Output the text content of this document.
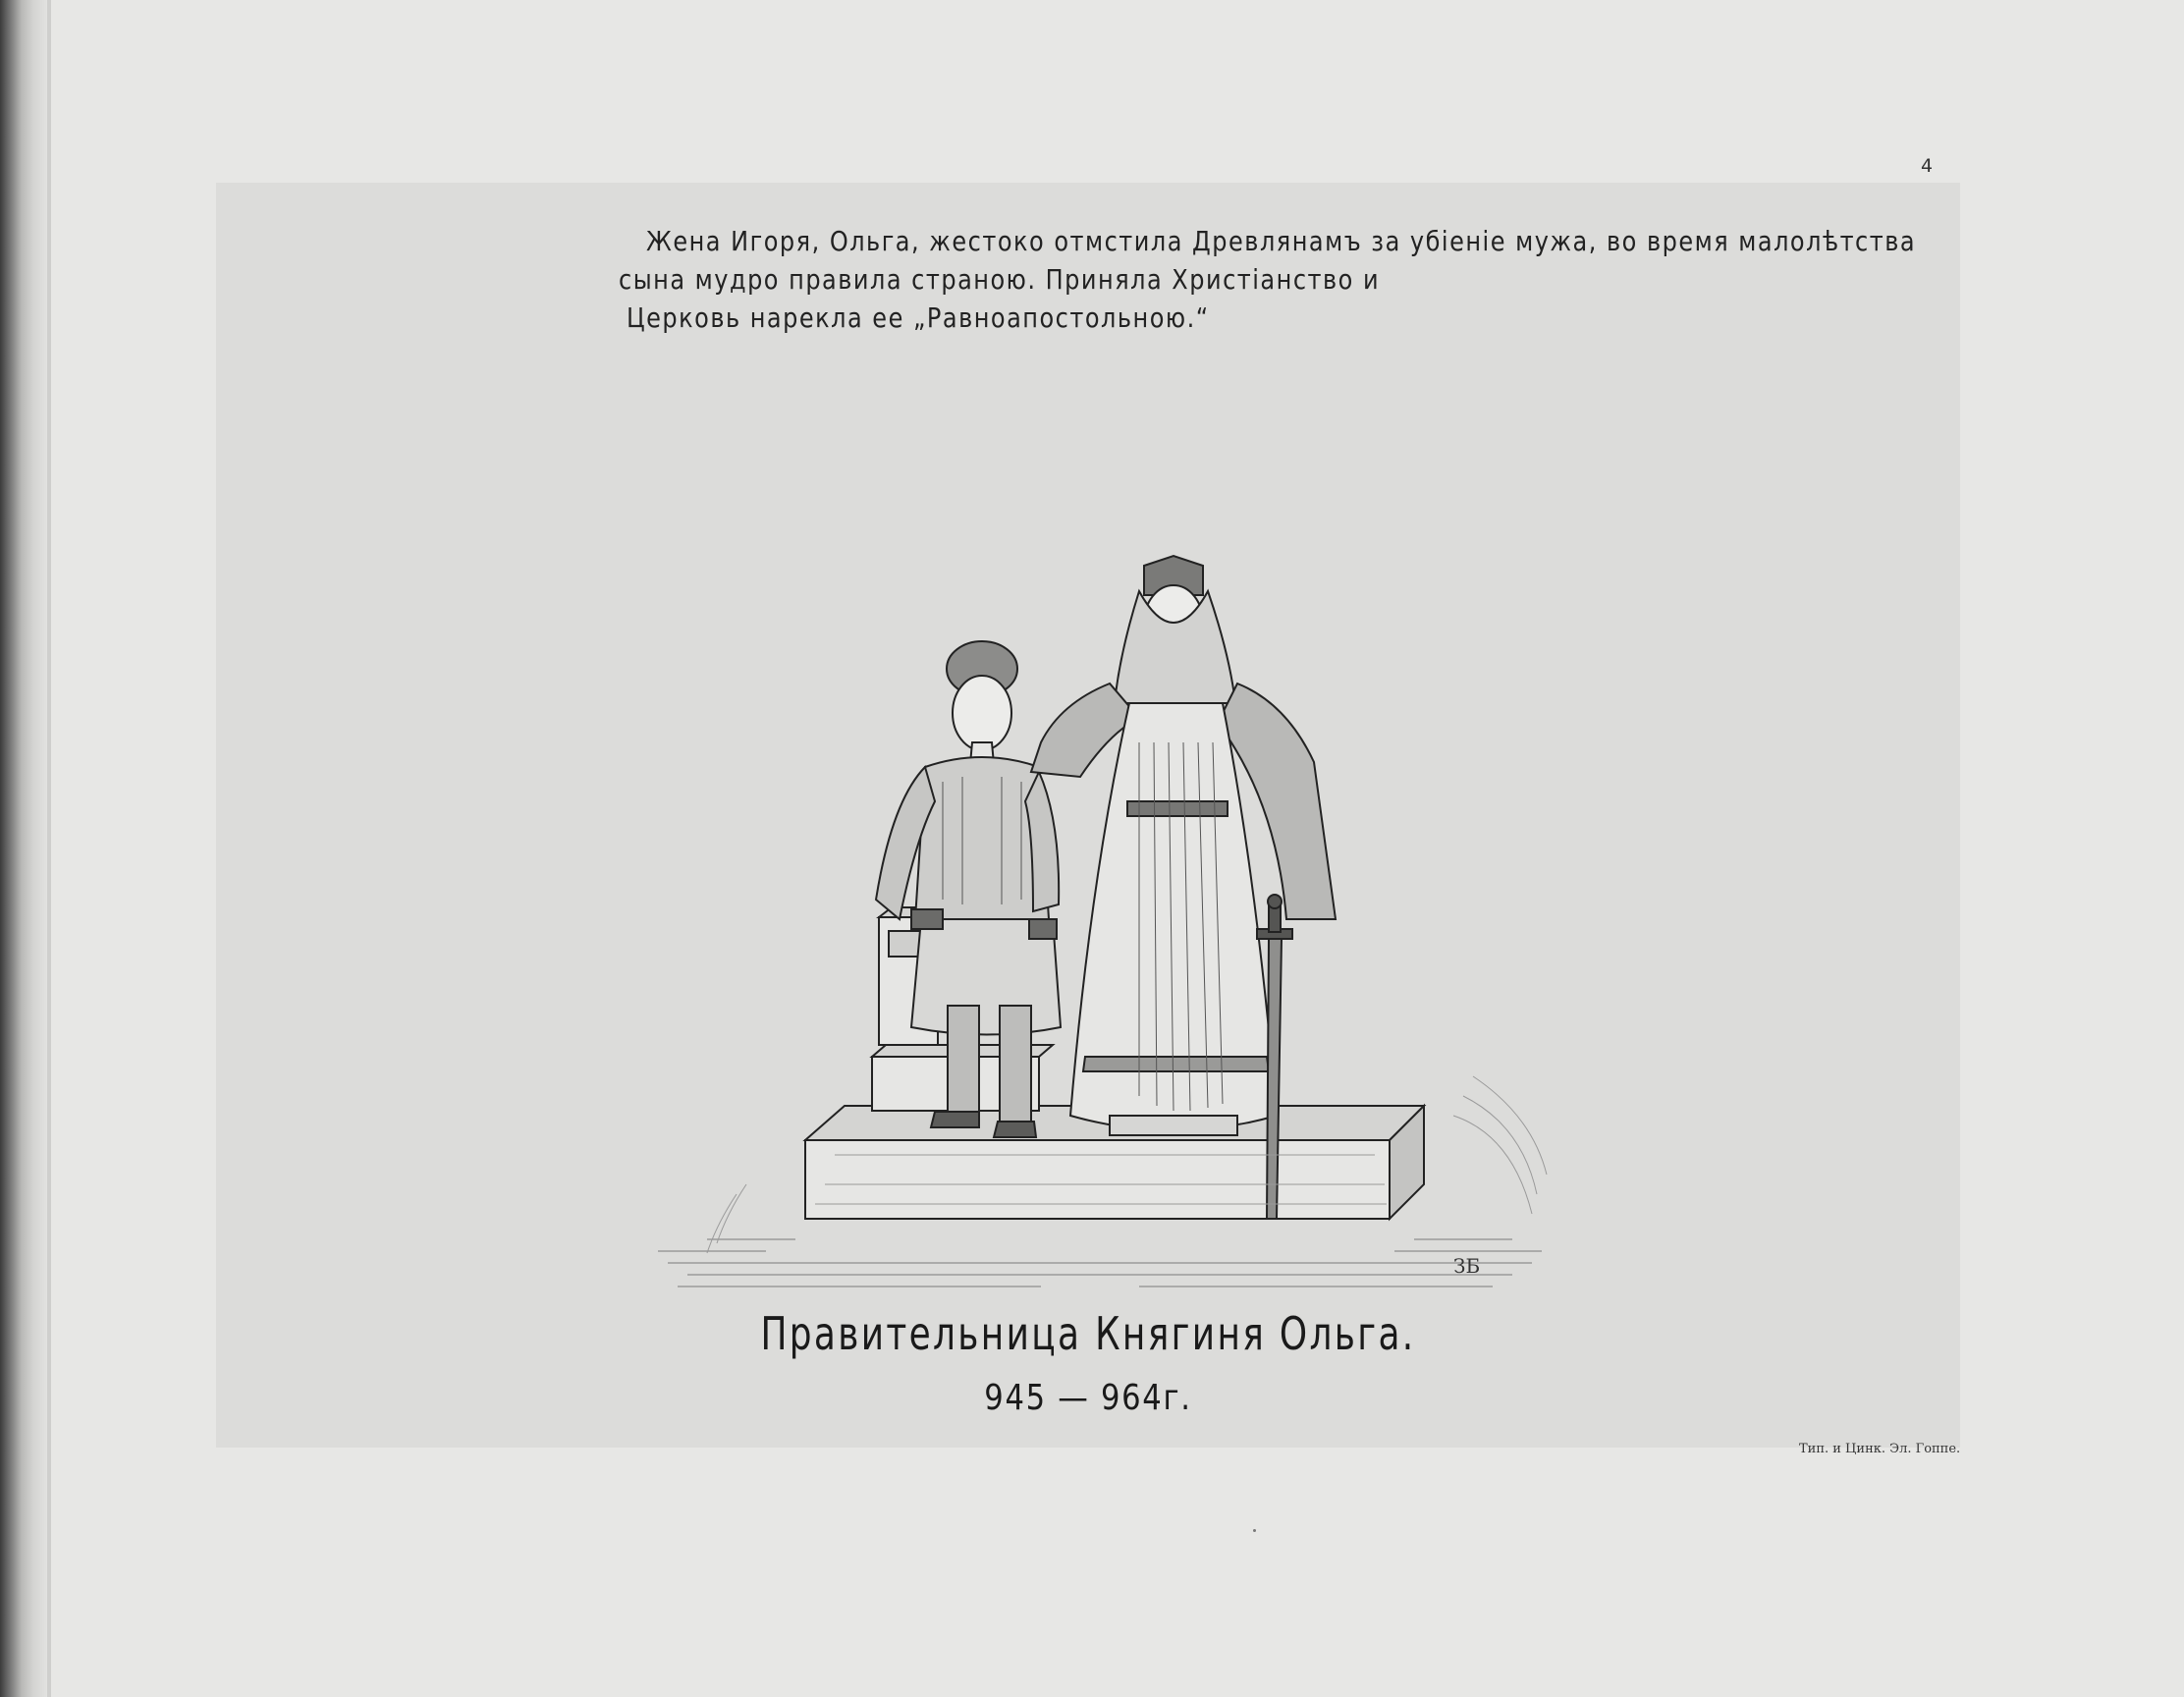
4
Жена Игоря, Ольга, жестоко отмстила Древлянамъ за убiенiе мужа, во время малолѣтства
сына мудро правила страною. Приняла Христiанство и
Церковь нарекла ее „Равноапостольною.“
ЗБ
Правительница Княгиня Ольга.
945 — 964г.
Тип. и Цинк. Эл. Гоппе.
